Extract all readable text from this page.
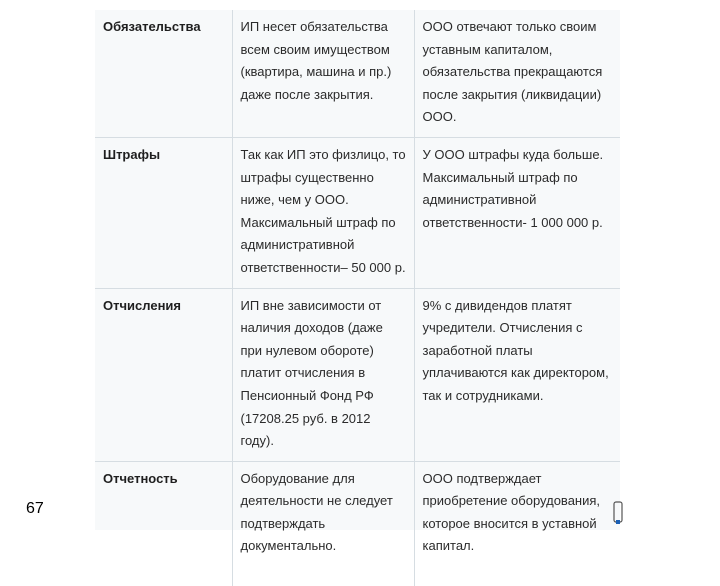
Обязательства	ИП несет обязательства всем своим имуществом (квартира, машина и пр.) даже после закрытия.	ООО отвечают только своим уставным капиталом, обязательства прекращаются после закрытия (ликвидации) ООО.
Штрафы	Так как ИП это физлицо, то штрафы существенно ниже, чем у ООО. Максимальный штраф по административной ответственности– 50 000 р.	У ООО штрафы куда больше. Максимальный штраф по административной ответственности- 1 000 000 р.
Отчисления	ИП вне зависимости от наличия доходов (даже при нулевом обороте) платит отчисления в Пенсионный Фонд РФ (17208.25 руб. в 2012 году).	9% с дивидендов платят учредители. Отчисления с заработной платы уплачиваются как директором, так и сотрудниками.
Отчетность	Оборудование для деятельности не следует подтверждать документально.	ООО подтверждает приобретение оборудования, которое вносится в уставной капитал.
67
